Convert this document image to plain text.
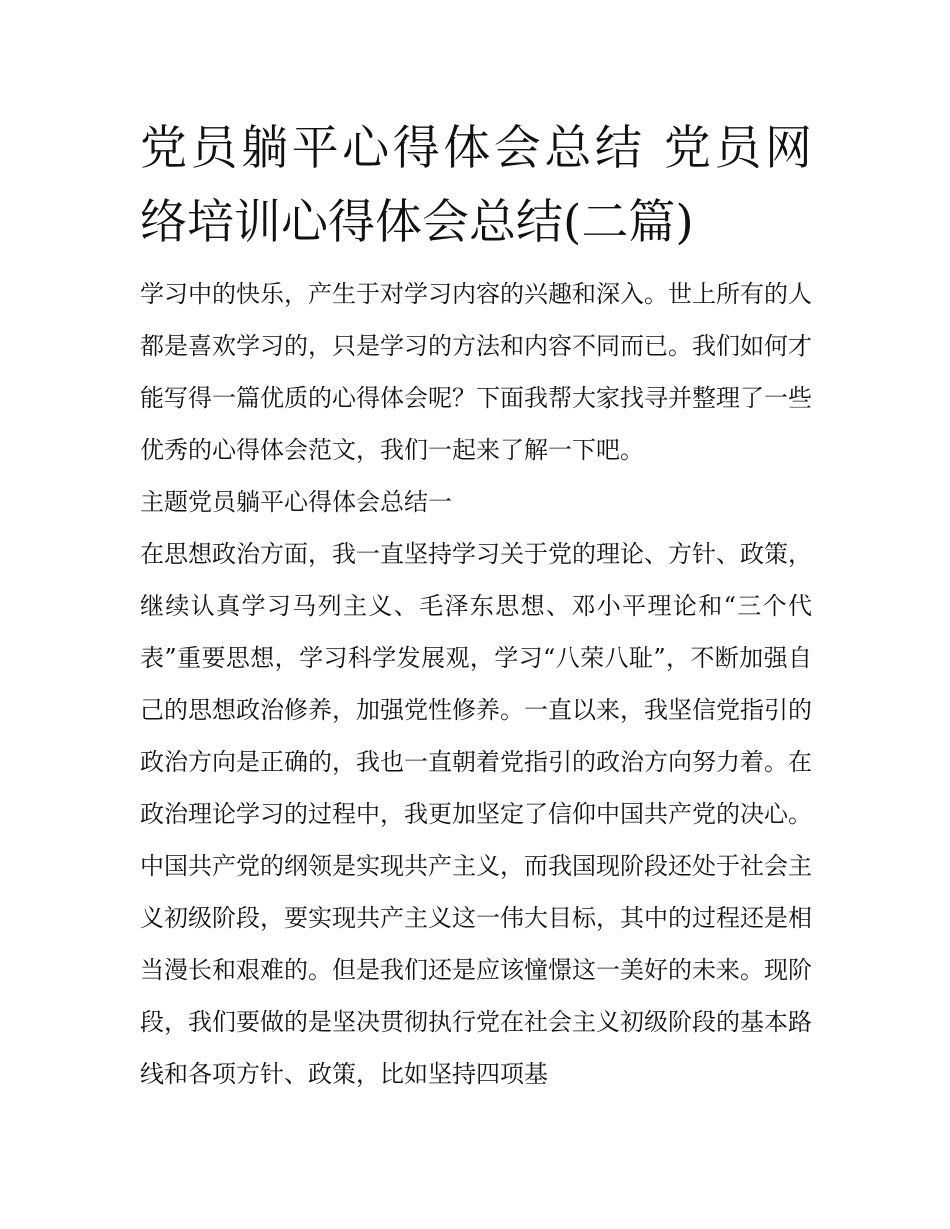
党员躺平心得体会总结 党员网络培训心得体会总结(二篇)

学习中的快乐，产生于对学习内容的兴趣和深入。世上所有的人都是喜欢学习的，只是学习的方法和内容不同而已。我们如何才能写得一篇优质的心得体会呢？下面我帮大家找寻并整理了一些优秀的心得体会范文，我们一起来了解一下吧。

主题党员躺平心得体会总结一

在思想政治方面，我一直坚持学习关于党的理论、方针、政策，继续认真学习马列主义、毛泽东思想、邓小平理论和“三个代表”重要思想，学习科学发展观，学习“八荣八耻”，不断加强自己的思想政治修养，加强党性修养。一直以来，我坚信党指引的政治方向是正确的，我也一直朝着党指引的政治方向努力着。在政治理论学习的过程中，我更加坚定了信仰中国共产党的决心。中国共产党的纲领是实现共产主义，而我国现阶段还处于社会主义初级阶段，要实现共产主义这一伟大目标，其中的过程还是相当漫长和艰难的。但是我们还是应该憧憬这一美好的未来。现阶段，我们要做的是坚决贯彻执行党在社会主义初级阶段的基本路线和各项方针、政策，比如坚持四项基
